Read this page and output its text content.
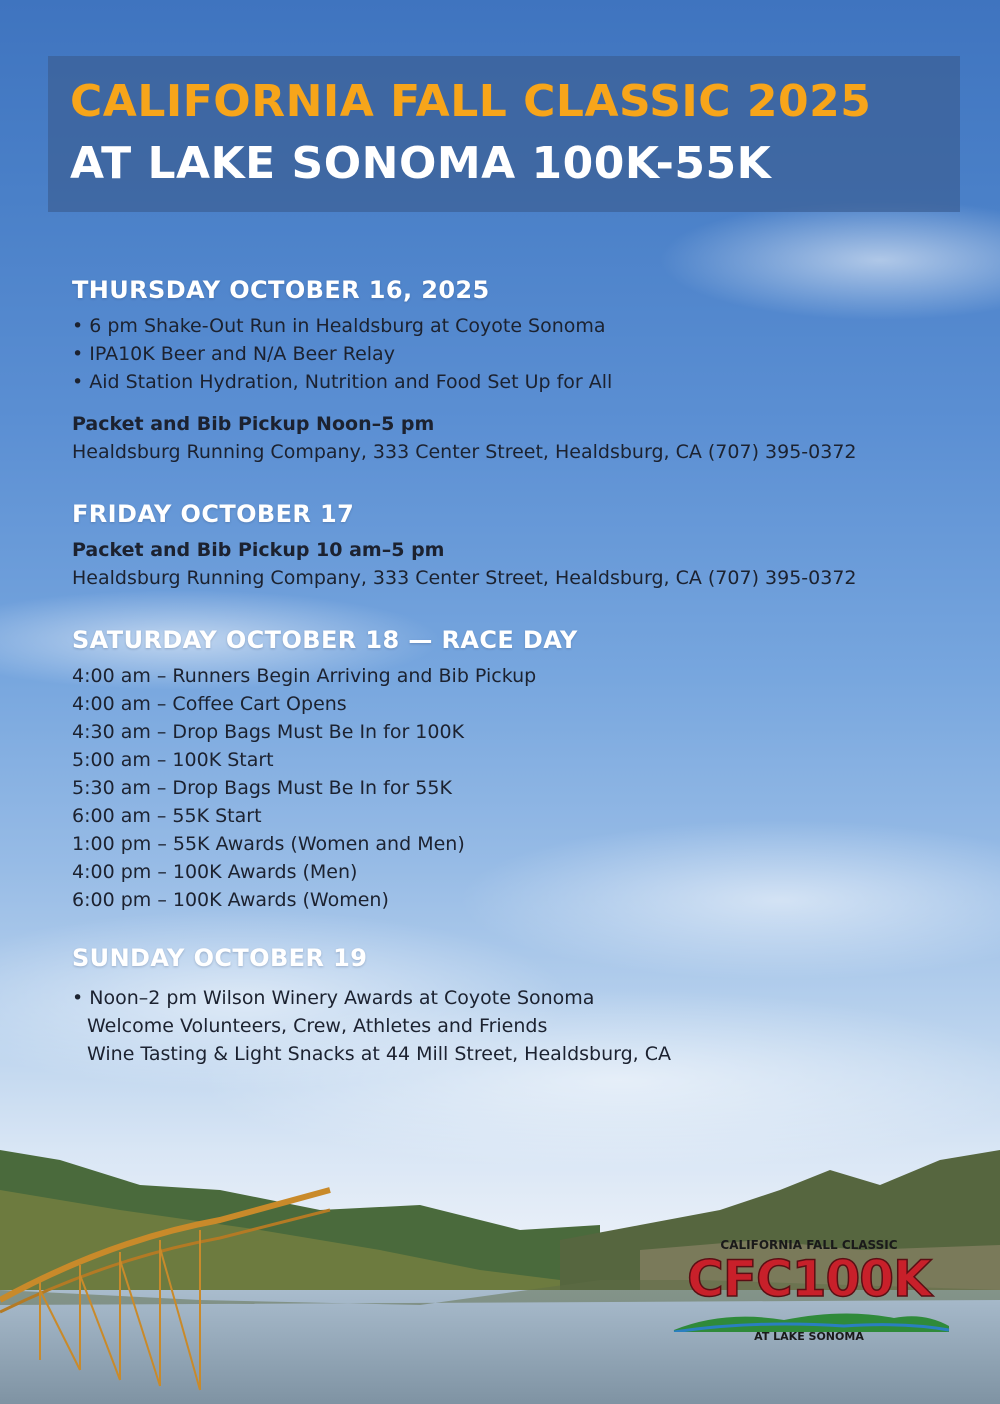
CALIFORNIA FALL CLASSIC 2025
AT LAKE SONOMA 100K-55K
THURSDAY OCTOBER 16, 2025
• 6 pm Shake-Out Run in Healdsburg at Coyote Sonoma
• IPA10K Beer and N/A Beer Relay
• Aid Station Hydration, Nutrition and Food Set Up for All
Packet and Bib Pickup Noon–5 pm
Healdsburg Running Company, 333 Center Street, Healdsburg, CA (707) 395-0372
FRIDAY OCTOBER 17
Packet and Bib Pickup 10 am–5 pm
Healdsburg Running Company, 333 Center Street, Healdsburg, CA (707) 395-0372
SATURDAY OCTOBER 18 — RACE DAY
4:00 am – Runners Begin Arriving and Bib Pickup
4:00 am – Coffee Cart Opens
4:30 am – Drop Bags Must Be In for 100K
5:00 am – 100K Start
5:30 am – Drop Bags Must Be In for 55K
6:00 am – 55K Start
1:00 pm – 55K Awards (Women and Men)
4:00 pm – 100K Awards (Men)
6:00 pm – 100K Awards (Women)
SUNDAY OCTOBER 19
• Noon–2 pm Wilson Winery Awards at Coyote Sonoma
Welcome Volunteers, Crew, Athletes and Friends
Wine Tasting & Light Snacks at 44 Mill Street, Healdsburg, CA
CALIFORNIA FALL CLASSIC
CFC100K
AT LAKE SONOMA
